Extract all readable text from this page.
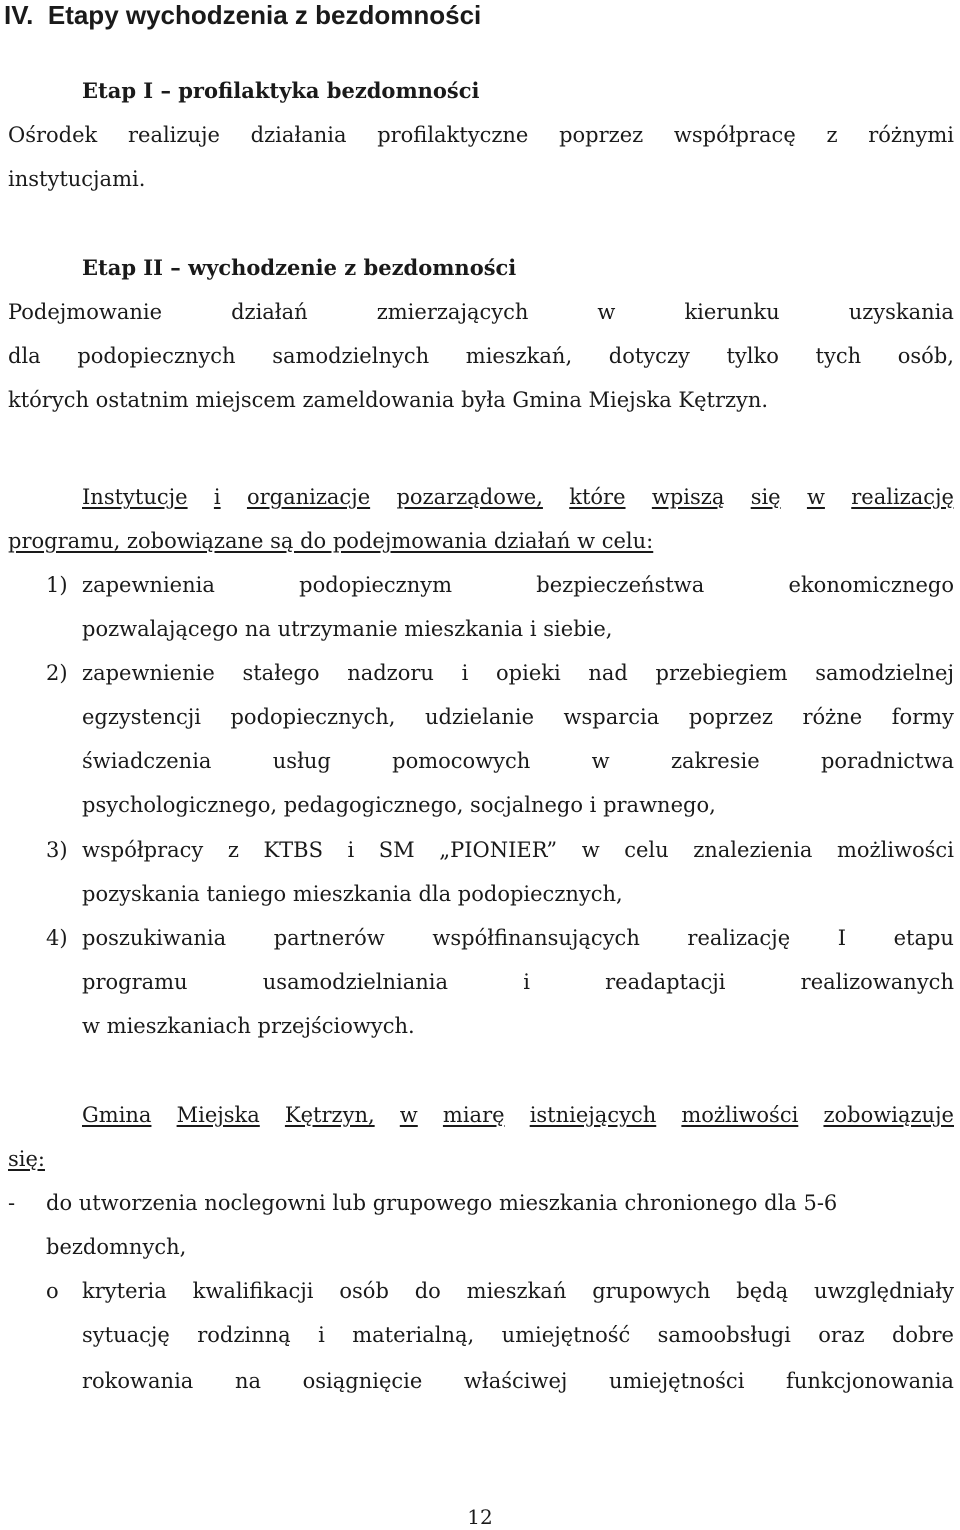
IV.  Etapy wychodzenia z bezdomności
Etap I – profilaktyka bezdomności
Ośrodek realizuje działania profilaktyczne poprzez współpracę z różnymi
instytucjami.
Etap II – wychodzenie z bezdomności
Podejmowanie	działań	zmierzających	w	kierunku	uzyskania
dla podopiecznych samodzielnych mieszkań, dotyczy tylko tych osób,
których ostatnim miejscem zameldowania była Gmina Miejska Kętrzyn.
Instytucje i organizacje pozarządowe, które wpiszą się w realizację
programu, zobowiązane są do podejmowania działań w celu:
1) zapewnienia	podopiecznym	bezpieczeństwa	ekonomicznego
pozwalającego na utrzymanie mieszkania i siebie,
2) zapewnienie stałego nadzoru i opieki nad przebiegiem samodzielnej
egzystencji podopiecznych, udzielanie wsparcia poprzez różne formy
świadczenia	usług	pomocowych	w	zakresie	poradnictwa
psychologicznego, pedagogicznego, socjalnego i prawnego,
3) współpracy z KTBS i SM „PIONIER” w celu znalezienia możliwości
pozyskania taniego mieszkania dla podopiecznych,
4) poszukiwania partnerów współfinansujących realizację I etapu
programu	usamodzielniania	i	readaptacji	realizowanych
w mieszkaniach przejściowych.
Gmina Miejska Kętrzyn, w miarę istniejących możliwości zobowiązuje
się:
- do utworzenia noclegowni lub grupowego mieszkania chronionego dla 5-6
bezdomnych,
o kryteria kwalifikacji osób do mieszkań grupowych będą uwzględniały
sytuację rodzinną i materialną, umiejętność samoobsługi oraz dobre
rokowania na osiągnięcie właściwej umiejętności funkcjonowania
12
